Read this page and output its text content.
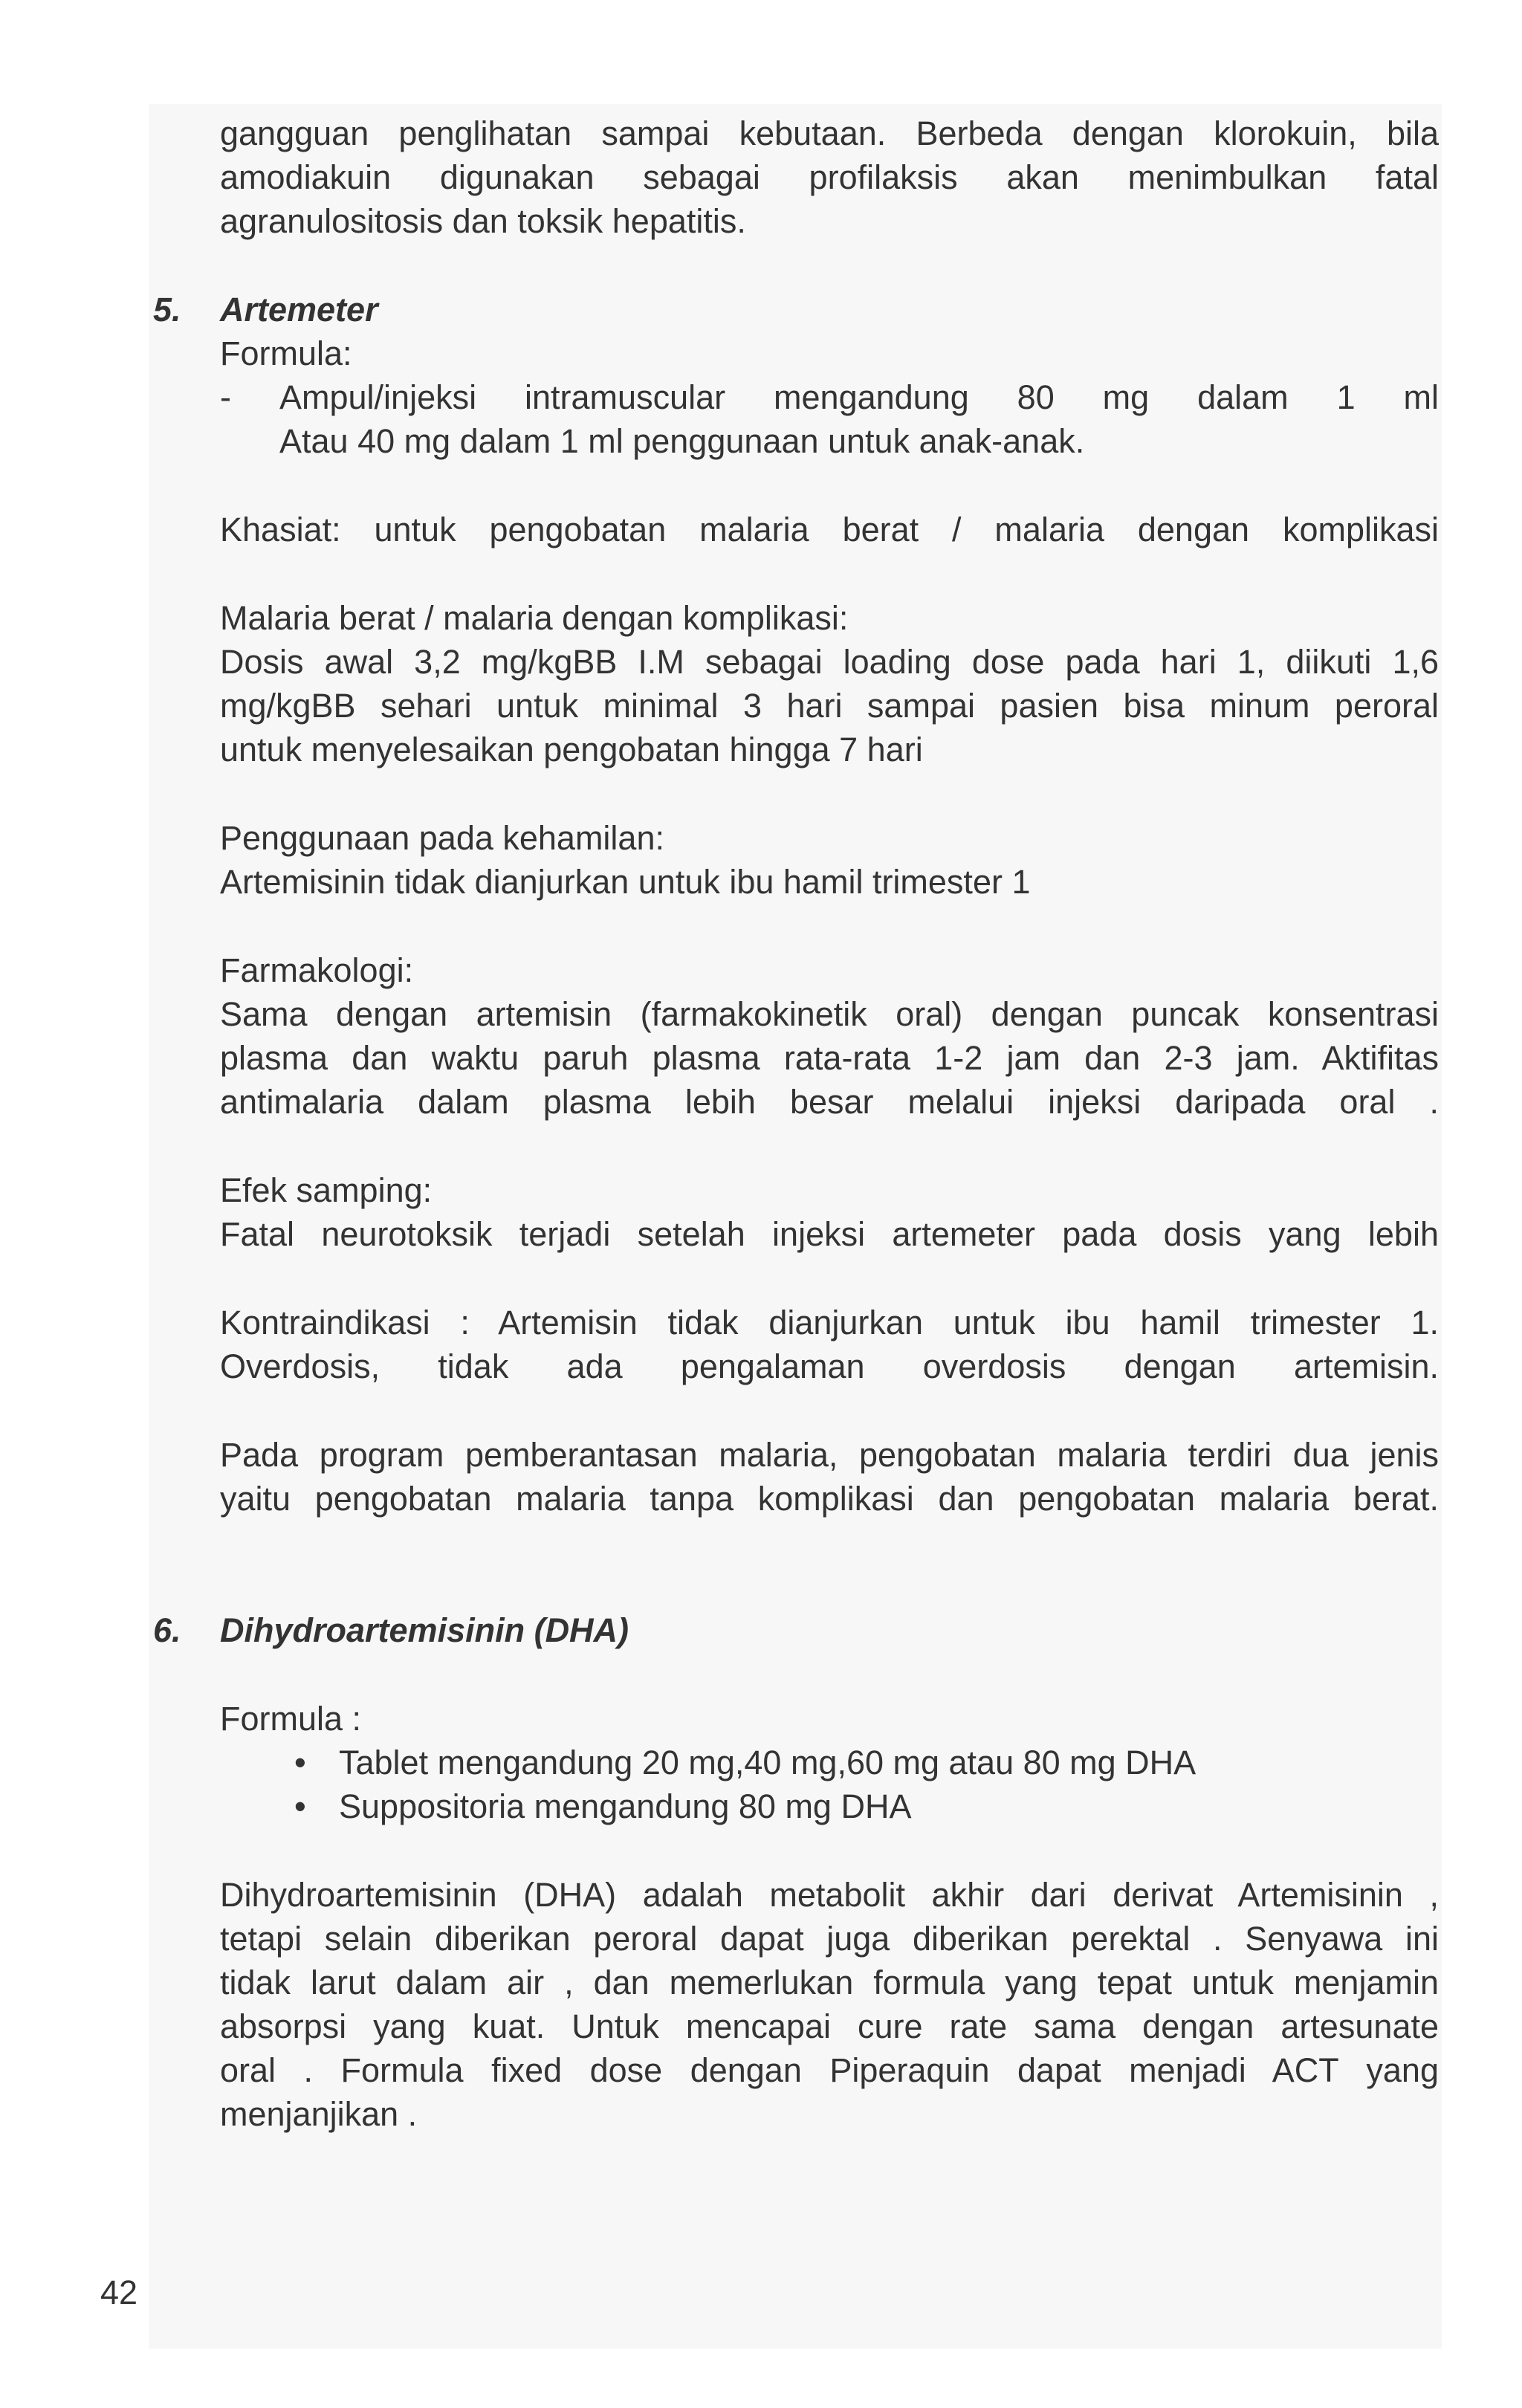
gangguan penglihatan sampai kebutaan. Berbeda dengan klorokuin, bila

amodiakuin digunakan sebagai profilaksis akan menimbulkan fatal

agranulositosis dan toksik hepatitis.

5. Artemeter

Formula:

-	Ampul/injeksi intramuscular mengandung 80 mg dalam 1 ml

Atau 40 mg dalam 1 ml penggunaan untuk anak-anak.

Khasiat: untuk pengobatan malaria berat / malaria dengan komplikasi

Malaria berat / malaria dengan komplikasi:

Dosis awal 3,2 mg/kgBB I.M sebagai loading dose pada hari 1, diikuti 1,6

mg/kgBB sehari untuk minimal 3 hari sampai pasien bisa minum peroral

untuk menyelesaikan pengobatan hingga 7 hari

Penggunaan pada kehamilan:

Artemisinin tidak dianjurkan untuk ibu hamil trimester 1

Farmakologi:

Sama dengan artemisin (farmakokinetik oral) dengan puncak konsentrasi

plasma dan waktu paruh plasma rata-rata 1-2 jam dan 2-3 jam. Aktifitas

antimalaria dalam plasma lebih besar melalui injeksi daripada oral .

Efek samping:

Fatal neurotoksik terjadi setelah injeksi artemeter pada dosis yang lebih

Kontraindikasi : Artemisin tidak dianjurkan untuk ibu hamil trimester 1.

Overdosis, tidak ada pengalaman overdosis dengan artemisin.

Pada program pemberantasan malaria, pengobatan malaria terdiri dua jenis

yaitu pengobatan malaria tanpa komplikasi dan pengobatan malaria berat.

6. Dihydroartemisinin (DHA)

Formula :

• Tablet mengandung 20 mg,40 mg,60 mg atau 80 mg DHA
• Suppositoria mengandung 80 mg DHA

Dihydroartemisinin (DHA) adalah metabolit akhir dari derivat Artemisinin ,

tetapi selain diberikan peroral dapat juga diberikan perektal . Senyawa ini

tidak larut dalam air , dan memerlukan formula yang tepat untuk menjamin

absorpsi yang kuat. Untuk mencapai cure rate sama dengan artesunate

oral . Formula fixed dose dengan Piperaquin dapat menjadi ACT yang

menjanjikan .

42
